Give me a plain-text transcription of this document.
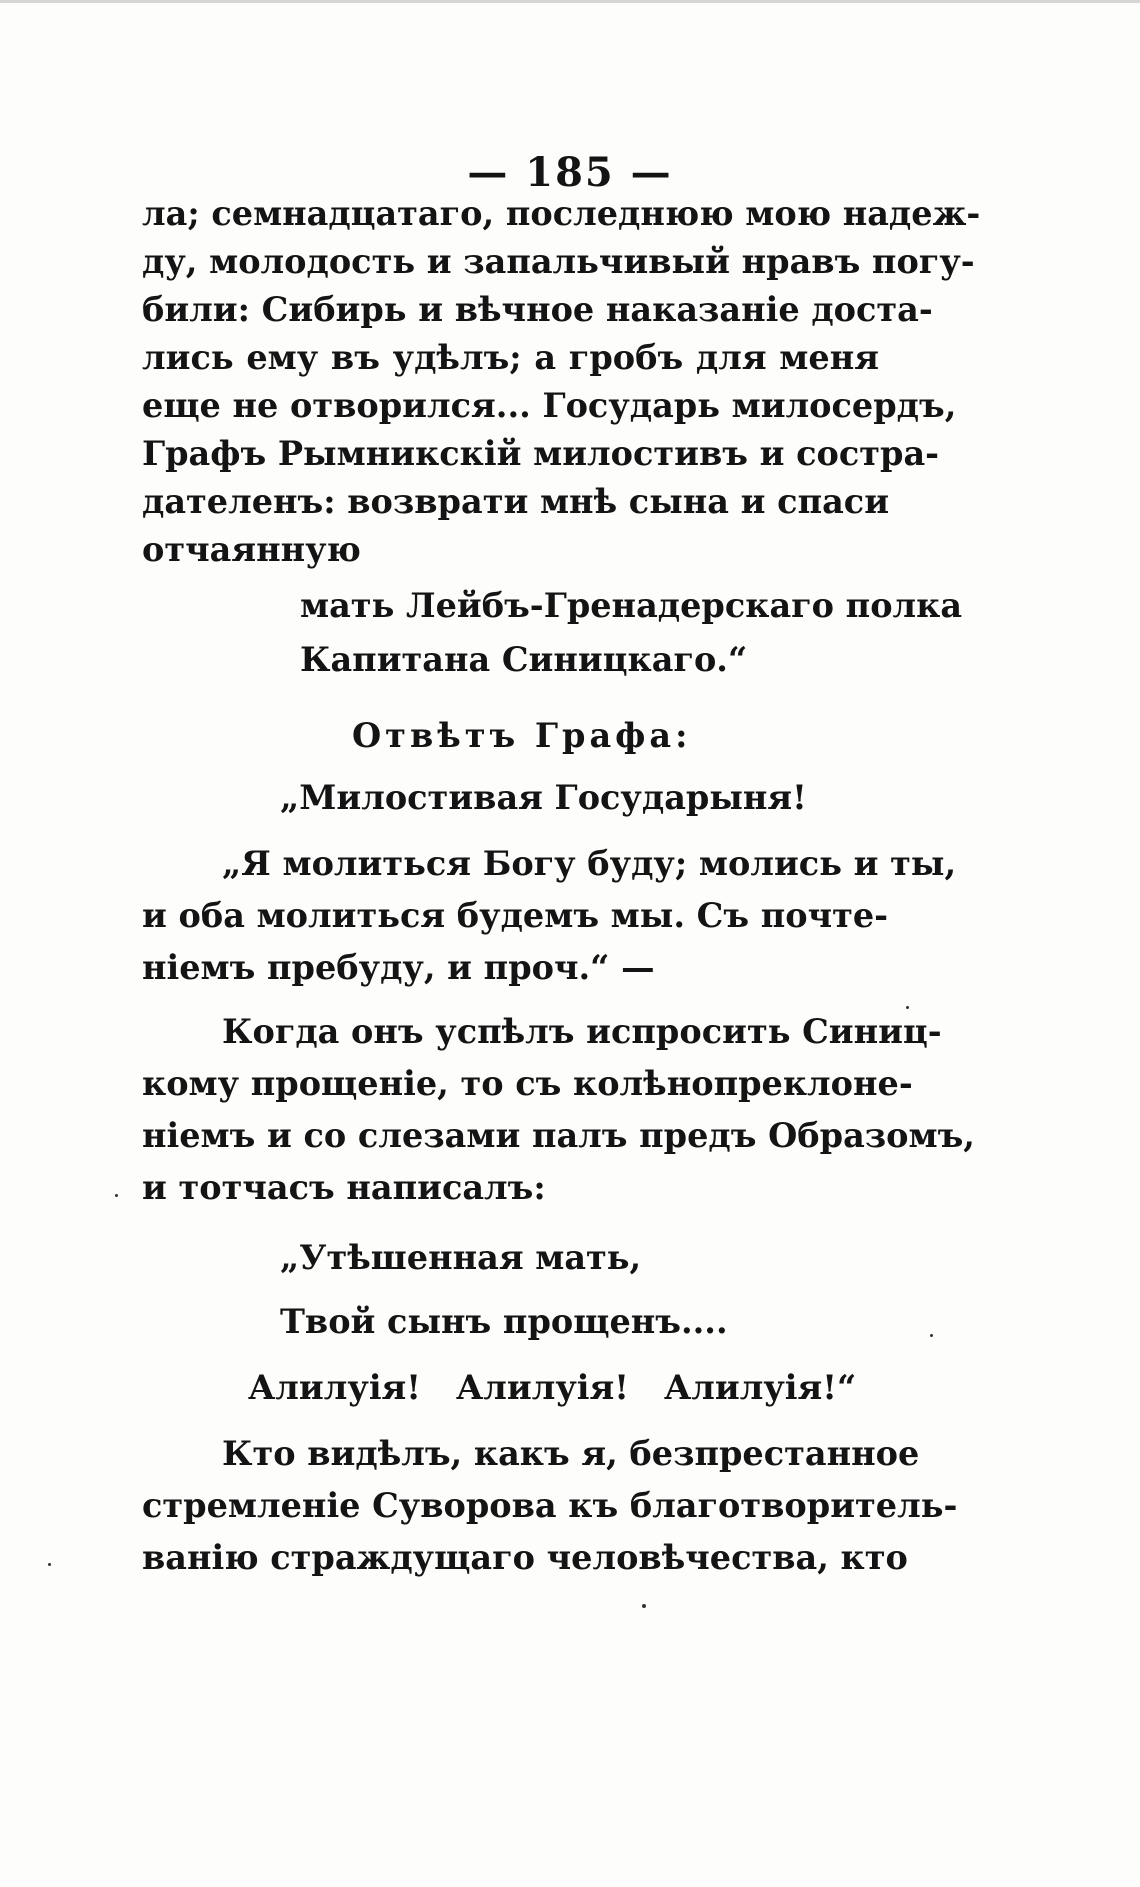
— 185 —
ла; семнадцатаго, последнюю мою надеж-
ду, молодость и запальчивый нравъ погу-
били: Сибирь и вѣчное наказаніе доста-
лись ему въ удѣлъ; а гробъ для меня
еще не отворился... Государь милосердъ,
Графъ Рымникскій милостивъ и состра-
дателенъ: возврати мнѣ сына и спаси
отчаянную
мать Лейбъ-Гренадерскаго полка
Капитана Синицкаго.“
Отвѣтъ Графа:
„Милостивая Государыня!
„Я молиться Богу буду; молись и ты,
и оба молиться будемъ мы. Съ почте-
ніемъ пребуду, и проч.“ —
Когда онъ успѣлъ испросить Синиц-
кому прощеніе, то съ колѣнопреклоне-
ніемъ и со слезами палъ предъ Образомъ,
и тотчасъ написалъ:
„Утѣшенная мать,
Твой сынъ прощенъ....
Алилуія!   Алилуія!   Алилуія!“
Кто видѣлъ, какъ я, безпрестанное
стремленіе Суворова къ благотворитель-
ванію страждущаго человѣчества, кто
